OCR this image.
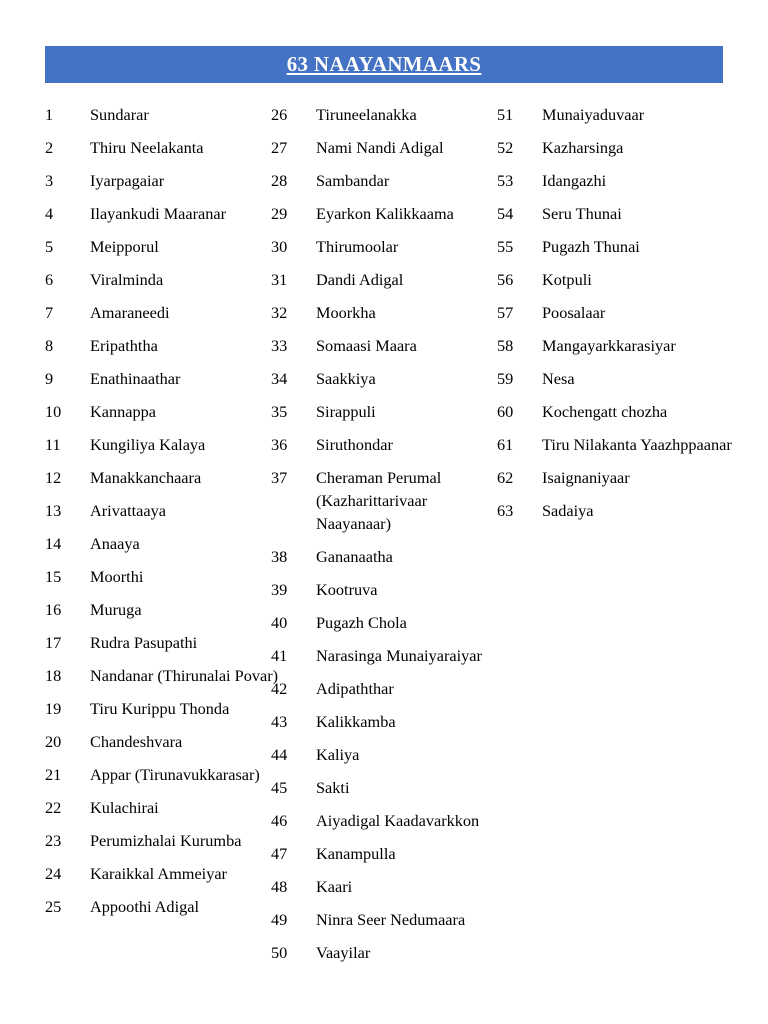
63 NAAYANMAARS
1 Sundarar
2 Thiru Neelakanta
3 Iyarpagaiar
4 Ilayankudi Maaranar
5 Meipporul
6 Viralminda
7 Amaraneedi
8 Eripaththa
9 Enathinaathar
10 Kannappa
11 Kungiliya Kalaya
12 Manakkanchaara
13 Arivattaaya
14 Anaaya
15 Moorthi
16 Muruga
17 Rudra Pasupathi
18 Nandanar (Thirunalai Povar)
19 Tiru Kurippu Thonda
20 Chandeshvara
21 Appar (Tirunavukkarasar)
22 Kulachirai
23 Perumizhalai Kurumba
24 Karaikkal Ammeiyar
25 Appoothi Adigal
26 Tiruneelanakka
27 Nami Nandi Adigal
28 Sambandar
29 Eyarkon Kalikkaama
30 Thirumoolar
31 Dandi Adigal
32 Moorkha
33 Somaasi Maara
34 Saakkiya
35 Sirappuli
36 Siruthondar
37 Cheraman Perumal (Kazharittarivaar Naayanaar)
38 Gananaatha
39 Kootruva
40 Pugazh Chola
41 Narasinga Munaiyaraiyar
42 Adipaththar
43 Kalikkamba
44 Kaliya
45 Sakti
46 Aiyadigal Kaadavarkkon
47 Kanampulla
48 Kaari
49 Ninra Seer Nedumaara
50 Vaayilar
51 Munaiyaduvaar
52 Kazharsinga
53 Idangazhi
54 Seru Thunai
55 Pugazh Thunai
56 Kotpuli
57 Poosalaar
58 Mangayarkkarasiyar
59 Nesa
60 Kochengatt chozha
61 Tiru Nilakanta Yaazhppaanar
62 Isaigna​niyaar
63 Sadaiya
